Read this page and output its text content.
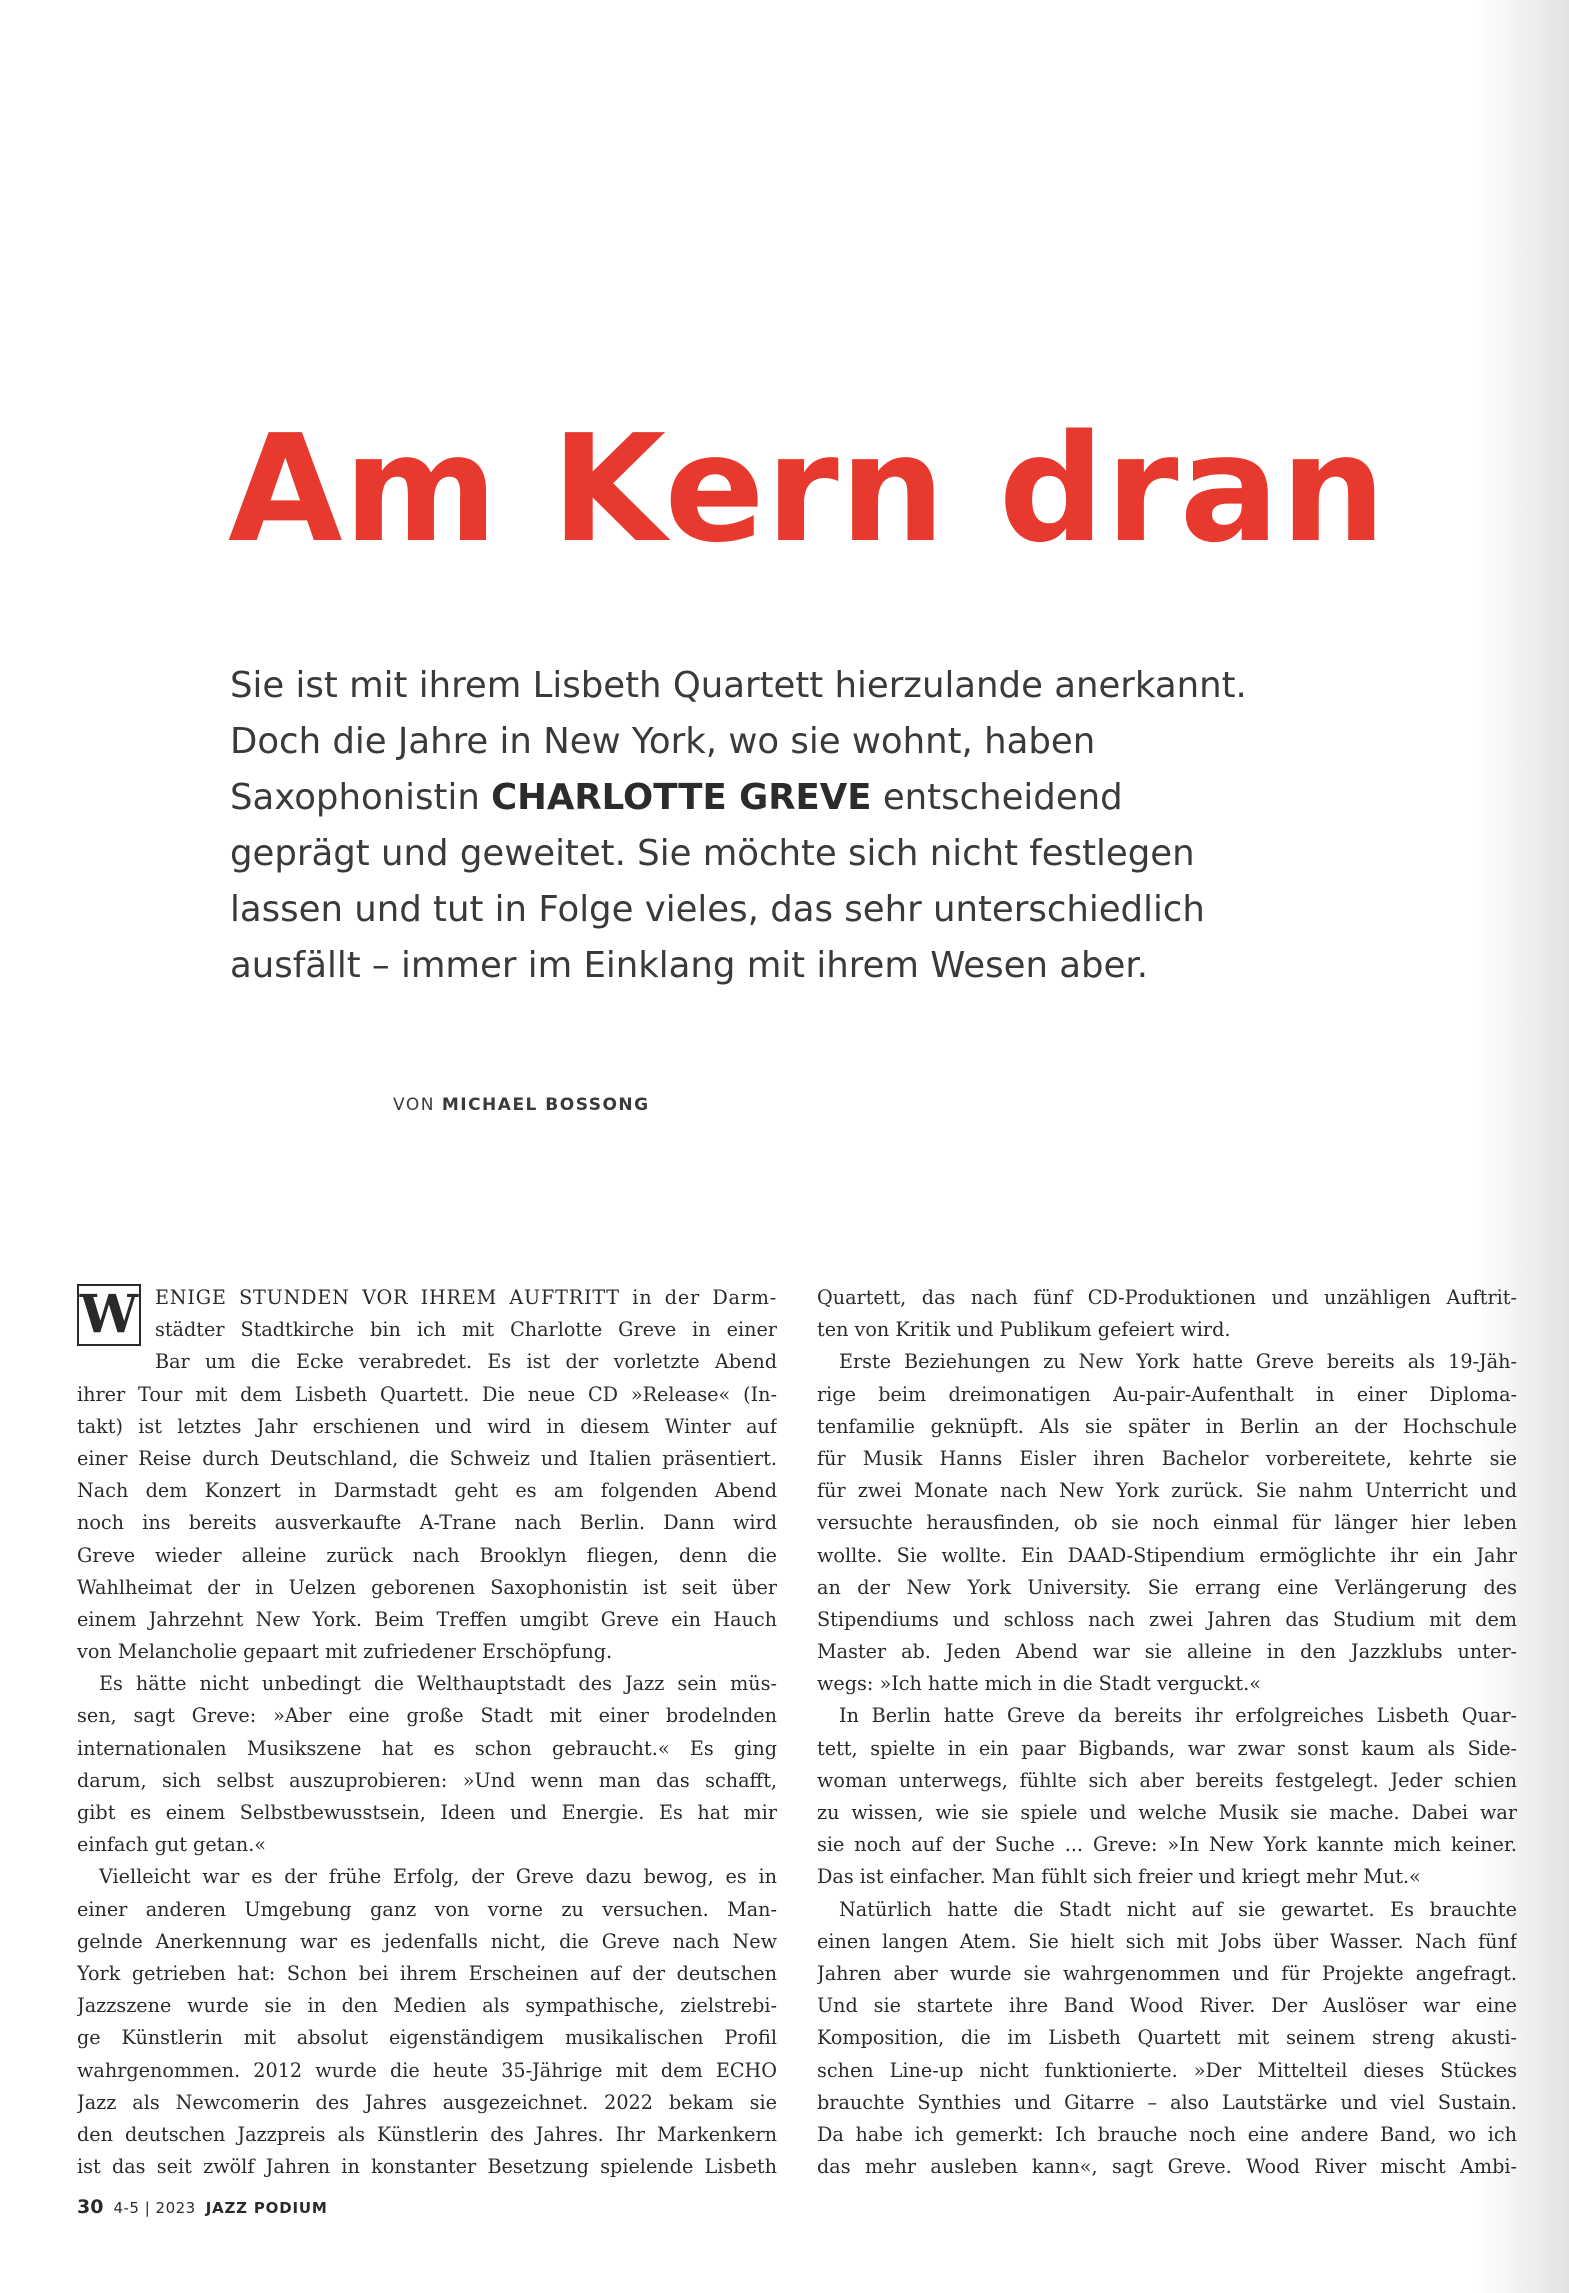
Am Kern dran
Sie ist mit ihrem Lisbeth Quartett hierzulande anerkannt.
Doch die Jahre in New York, wo sie wohnt, haben
Saxophonistin CHARLOTTE GREVE entscheidend
geprägt und geweitet. Sie möchte sich nicht festlegen
lassen und tut in Folge vieles, das sehr unterschiedlich
ausfällt – immer im Einklang mit ihrem Wesen aber.
VON MICHAEL BOSSONG
W ENIGE STUNDEN VOR IHREM AUFTRITT in der Darm-
städter Stadtkirche bin ich mit Charlotte Greve in einer
Bar um die Ecke verabredet. Es ist der vorletzte Abend
ihrer Tour mit dem Lisbeth Quartett. Die neue CD »Release« (In-
takt) ist letztes Jahr erschienen und wird in diesem Winter auf
einer Reise durch Deutschland, die Schweiz und Italien präsentiert.
Nach dem Konzert in Darmstadt geht es am folgenden Abend
noch ins bereits ausverkaufte A-Trane nach Berlin. Dann wird
Greve wieder alleine zurück nach Brooklyn fliegen, denn die
Wahlheimat der in Uelzen geborenen Saxophonistin ist seit über
einem Jahrzehnt New York. Beim Treffen umgibt Greve ein Hauch
von Melancholie gepaart mit zufriedener Erschöpfung.
Es hätte nicht unbedingt die Welthauptstadt des Jazz sein müs-
sen, sagt Greve: »Aber eine große Stadt mit einer brodelnden
internationalen Musikszene hat es schon gebraucht.« Es ging
darum, sich selbst auszuprobieren: »Und wenn man das schafft,
gibt es einem Selbstbewusstsein, Ideen und Energie. Es hat mir
einfach gut getan.«
Vielleicht war es der frühe Erfolg, der Greve dazu bewog, es in
einer anderen Umgebung ganz von vorne zu versuchen. Man-
gelnde Anerkennung war es jedenfalls nicht, die Greve nach New
York getrieben hat: Schon bei ihrem Erscheinen auf der deutschen
Jazzszene wurde sie in den Medien als sympathische, zielstrebi-
ge Künstlerin mit absolut eigenständigem musikalischen Profil
wahrgenommen. 2012 wurde die heute 35-Jährige mit dem ECHO
Jazz als Newcomerin des Jahres ausgezeichnet. 2022 bekam sie
den deutschen Jazzpreis als Künstlerin des Jahres. Ihr Markenkern
ist das seit zwölf Jahren in konstanter Besetzung spielende Lisbeth
Quartett, das nach fünf CD-Produktionen und unzähligen Auftrit-
ten von Kritik und Publikum gefeiert wird.
Erste Beziehungen zu New York hatte Greve bereits als 19-Jäh-
rige beim dreimonatigen Au-pair-Aufenthalt in einer Diploma-
tenfamilie geknüpft. Als sie später in Berlin an der Hochschule
für Musik Hanns Eisler ihren Bachelor vorbereitete, kehrte sie
für zwei Monate nach New York zurück. Sie nahm Unterricht und
versuchte herausfinden, ob sie noch einmal für länger hier leben
wollte. Sie wollte. Ein DAAD-Stipendium ermöglichte ihr ein Jahr
an der New York University. Sie errang eine Verlängerung des
Stipendiums und schloss nach zwei Jahren das Studium mit dem
Master ab. Jeden Abend war sie alleine in den Jazzklubs unter-
wegs: »Ich hatte mich in die Stadt verguckt.«
In Berlin hatte Greve da bereits ihr erfolgreiches Lisbeth Quar-
tett, spielte in ein paar Bigbands, war zwar sonst kaum als Side-
woman unterwegs, fühlte sich aber bereits festgelegt. Jeder schien
zu wissen, wie sie spiele und welche Musik sie mache. Dabei war
sie noch auf der Suche ... Greve: »In New York kannte mich keiner.
Das ist einfacher. Man fühlt sich freier und kriegt mehr Mut.«
Natürlich hatte die Stadt nicht auf sie gewartet. Es brauchte
einen langen Atem. Sie hielt sich mit Jobs über Wasser. Nach fünf
Jahren aber wurde sie wahrgenommen und für Projekte angefragt.
Und sie startete ihre Band Wood River. Der Auslöser war eine
Komposition, die im Lisbeth Quartett mit seinem streng akusti-
schen Line-up nicht funktionierte. »Der Mittelteil dieses Stückes
brauchte Synthies und Gitarre – also Lautstärke und viel Sustain.
Da habe ich gemerkt: Ich brauche noch eine andere Band, wo ich
das mehr ausleben kann«, sagt Greve. Wood River mischt Ambi-
30 4-5 | 2023 JAZZ PODIUM
